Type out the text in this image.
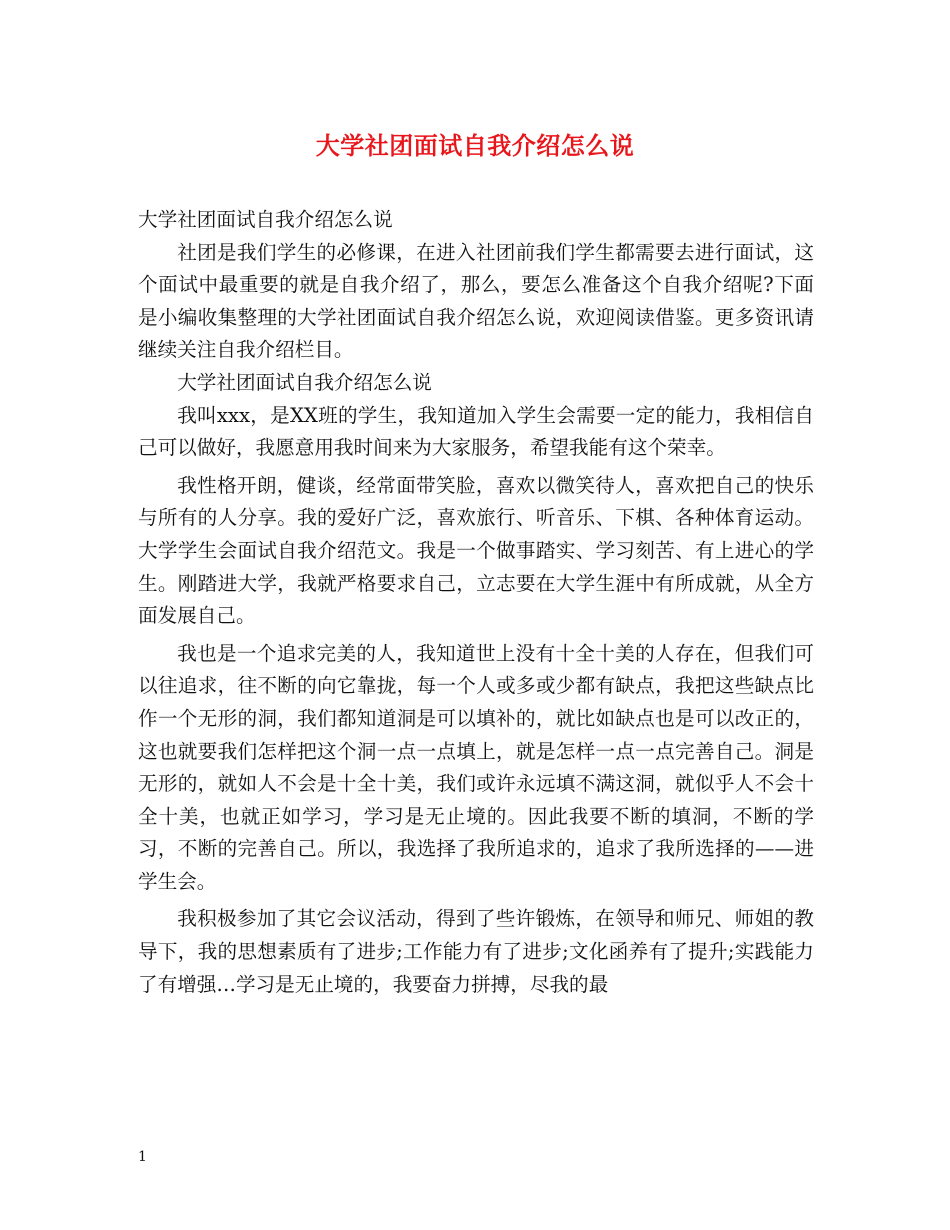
大学社团面试自我介绍怎么说

大学社团面试自我介绍怎么说

社团是我们学生的必修课，在进入社团前我们学生都需要去进行面试，这个面试中最重要的就是自我介绍了，那么，要怎么准备这个自我介绍呢?下面是小编收集整理的大学社团面试自我介绍怎么说，欢迎阅读借鉴。更多资讯请继续关注自我介绍栏目。

大学社团面试自我介绍怎么说

我叫xxx，是XX班的学生，我知道加入学生会需要一定的能力，我相信自己可以做好，我愿意用我时间来为大家服务，希望我能有这个荣幸。

我性格开朗，健谈，经常面带笑脸，喜欢以微笑待人，喜欢把自己的快乐与所有的人分享。我的爱好广泛，喜欢旅行、听音乐、下棋、各种体育运动。大学学生会面试自我介绍范文。我是一个做事踏实、学习刻苦、有上进心的学生。刚踏进大学，我就严格要求自己，立志要在大学生涯中有所成就，从全方面发展自己。

我也是一个追求完美的人，我知道世上没有十全十美的人存在，但我们可以往追求，往不断的向它靠拢，每一个人或多或少都有缺点，我把这些缺点比作一个无形的洞，我们都知道洞是可以填补的，就比如缺点也是可以改正的，这也就要我们怎样把这个洞一点一点填上，就是怎样一点一点完善自己。洞是无形的，就如人不会是十全十美，我们或许永远填不满这洞，就似乎人不会十全十美，也就正如学习，学习是无止境的。因此我要不断的填洞，不断的学习，不断的完善自己。所以，我选择了我所追求的，追求了我所选择的——进学生会。

我积极参加了其它会议活动，得到了些许锻炼，在领导和师兄、师姐的教导下，我的思想素质有了进步;工作能力有了进步;文化函养有了提升;实践能力了有增强…学习是无止境的，我要奋力拼搏，尽我的最

1
